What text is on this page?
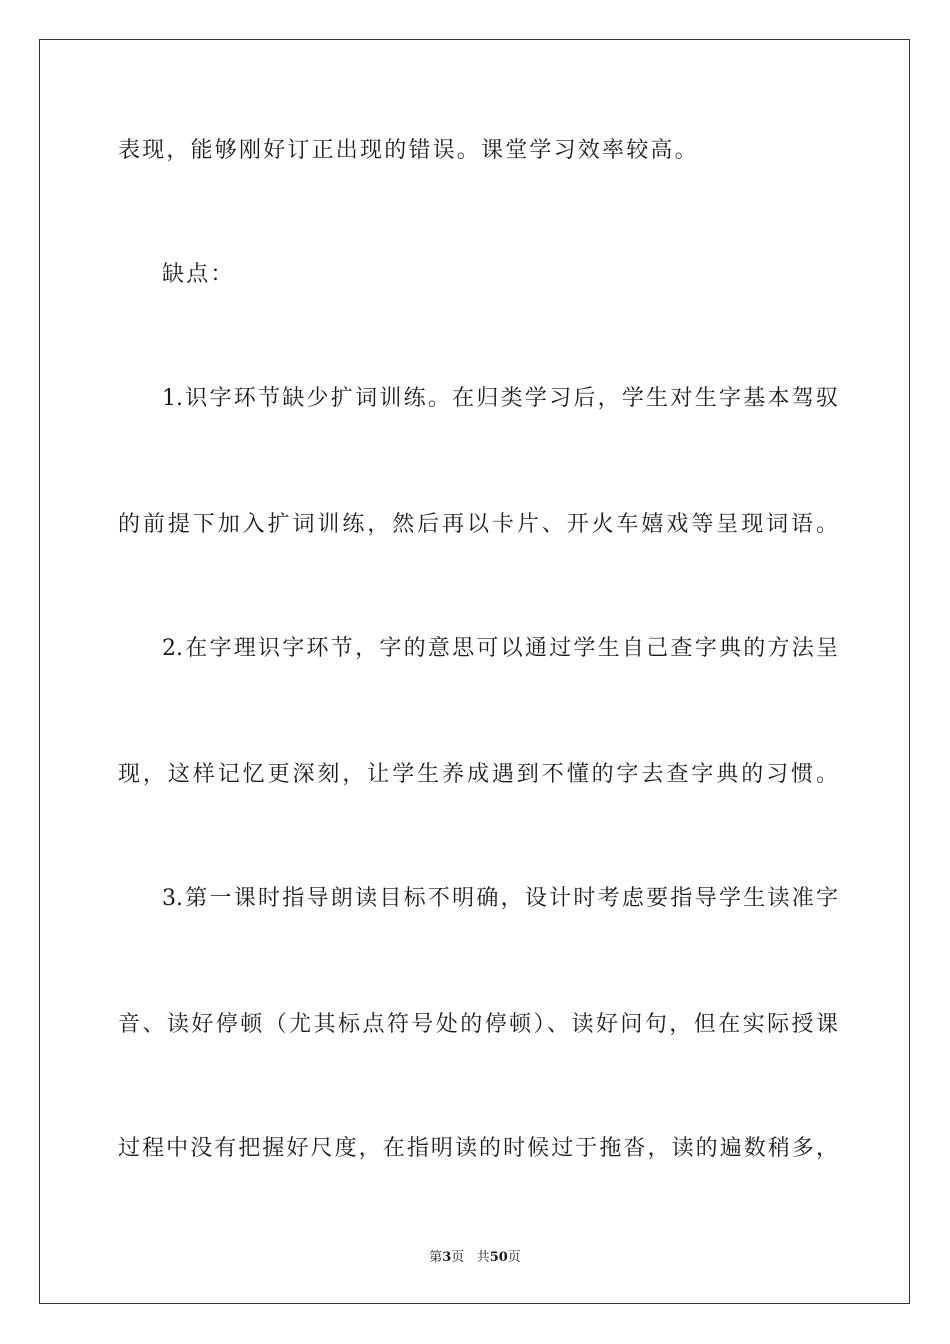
表现，能够刚好订正出现的错误。课堂学习效率较高。
缺点：
1.识字环节缺少扩词训练。在归类学习后，学生对生字基本驾驭
的前提下加入扩词训练，然后再以卡片、开火车嬉戏等呈现词语。
2.在字理识字环节，字的意思可以通过学生自己查字典的方法呈
现，这样记忆更深刻，让学生养成遇到不懂的字去查字典的习惯。
3.第一课时指导朗读目标不明确，设计时考虑要指导学生读准字
音、读好停顿（尤其标点符号处的停顿）、读好问句，但在实际授课
过程中没有把握好尺度，在指明读的时候过于拖沓，读的遍数稍多，
第3页 共50页
